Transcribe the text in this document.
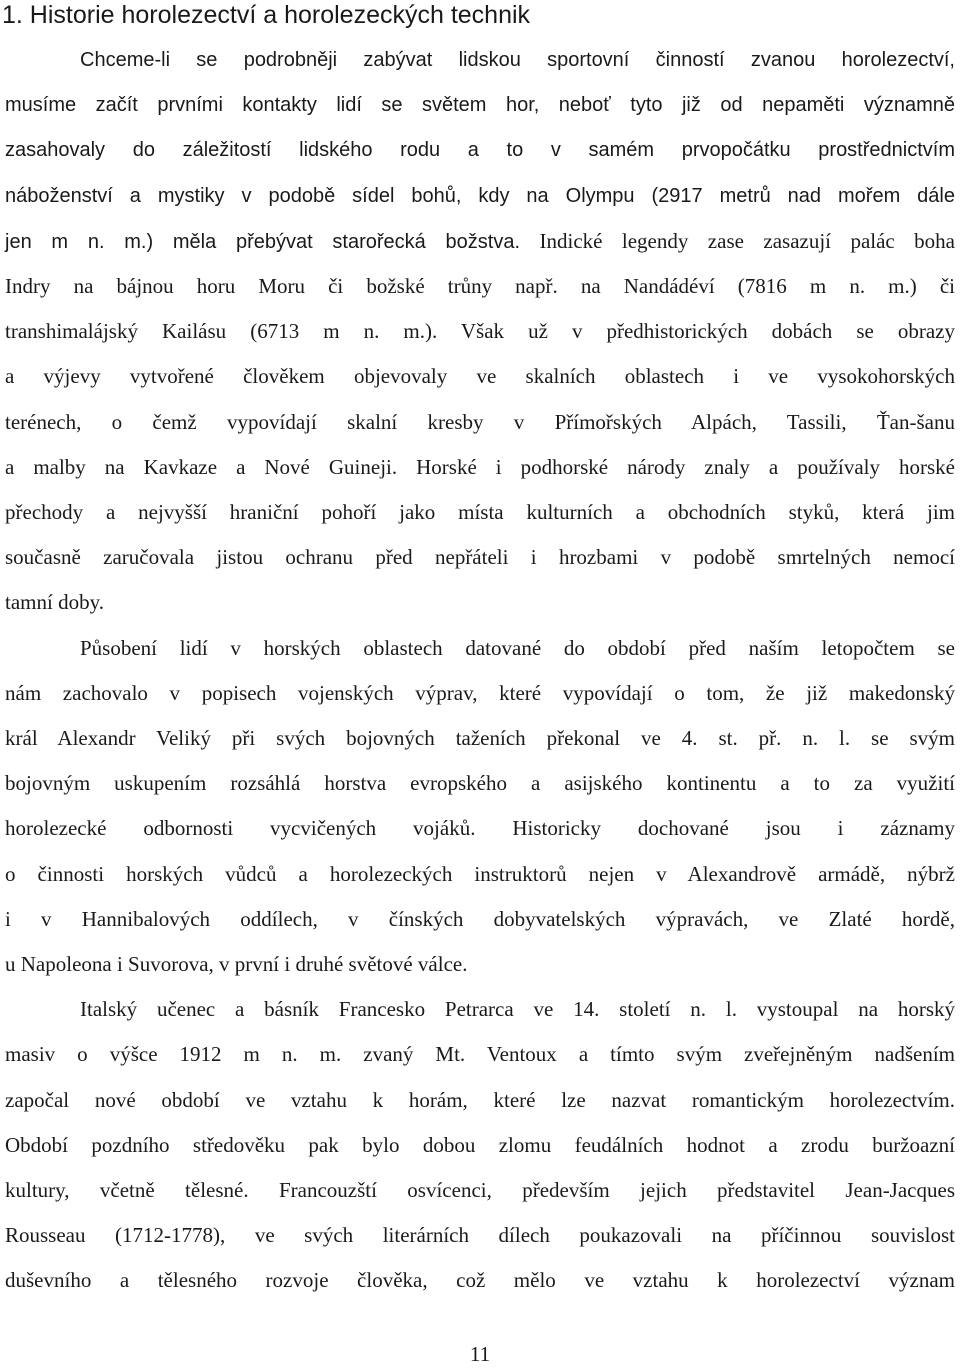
1. Historie horolezectví a horolezeckých technik
Chceme-li se podrobněji zabývat lidskou sportovní činností zvanou horolezectví,
musíme začít prvními kontakty lidí se světem hor, neboť tyto již od nepaměti významně
zasahovaly do záležitostí lidského rodu a to v samém prvopočátku prostřednictvím
náboženství a mystiky v podobě sídel bohů, kdy na Olympu (2917 metrů nad mořem dále
jen m n. m.) měla přebývat starořecká božstva. Indické legendy zase zasazují palác boha
Indry na bájnou horu Moru či božské trůny např. na Nandádéví (7816 m n. m.) či
transhimalájský Kailásu (6713 m n. m.). Však už v předhistorických dobách se obrazy
a výjevy vytvořené člověkem objevovaly ve skalních oblastech i ve vysokohorských
terénech, o čemž vypovídají skalní kresby v Přímořských Alpách, Tassili, Ťan-šanu
a malby na Kavkaze a Nové Guineji. Horské i podhorské národy znaly a používaly horské
přechody a nejvyšší hraniční pohoří jako místa kulturních a obchodních styků, která jim
současně zaručovala jistou ochranu před nepřáteli i hrozbami v podobě smrtelných nemocí
tamní doby.
Působení lidí v horských oblastech datované do období před naším letopočtem se
nám zachovalo v popisech vojenských výprav, které vypovídají o tom, že již makedonský
král Alexandr Veliký při svých bojovných taženích překonal ve 4. st. př. n. l. se svým
bojovným uskupením rozsáhlá horstva evropského a asijského kontinentu a to za využití
horolezecké odbornosti vycvičených vojáků. Historicky dochované jsou i záznamy
o činnosti horských vůdců a horolezeckých instruktorů nejen v Alexandrově armádě, nýbrž
i v Hannibalových oddílech, v čínských dobyvatelských výpravách, ve Zlaté hordě,
u Napoleona i Suvorova, v první i druhé světové válce.
Italský učenec a básník Francesko Petrarca ve 14. století n. l. vystoupal na horský
masiv o výšce 1912 m n. m. zvaný Mt. Ventoux a tímto svým zveřejněným nadšením
započal nové období ve vztahu k horám, které lze nazvat romantickým horolezectvím.
Období pozdního středověku pak bylo dobou zlomu feudálních hodnot a zrodu buržoazní
kultury, včetně tělesné. Francouzští osvícenci, především jejich představitel Jean-Jacques
Rousseau (1712-1778), ve svých literárních dílech poukazovali na příčinnou souvislost
duševního a tělesného rozvoje člověka, což mělo ve vztahu k horolezectví význam
11
